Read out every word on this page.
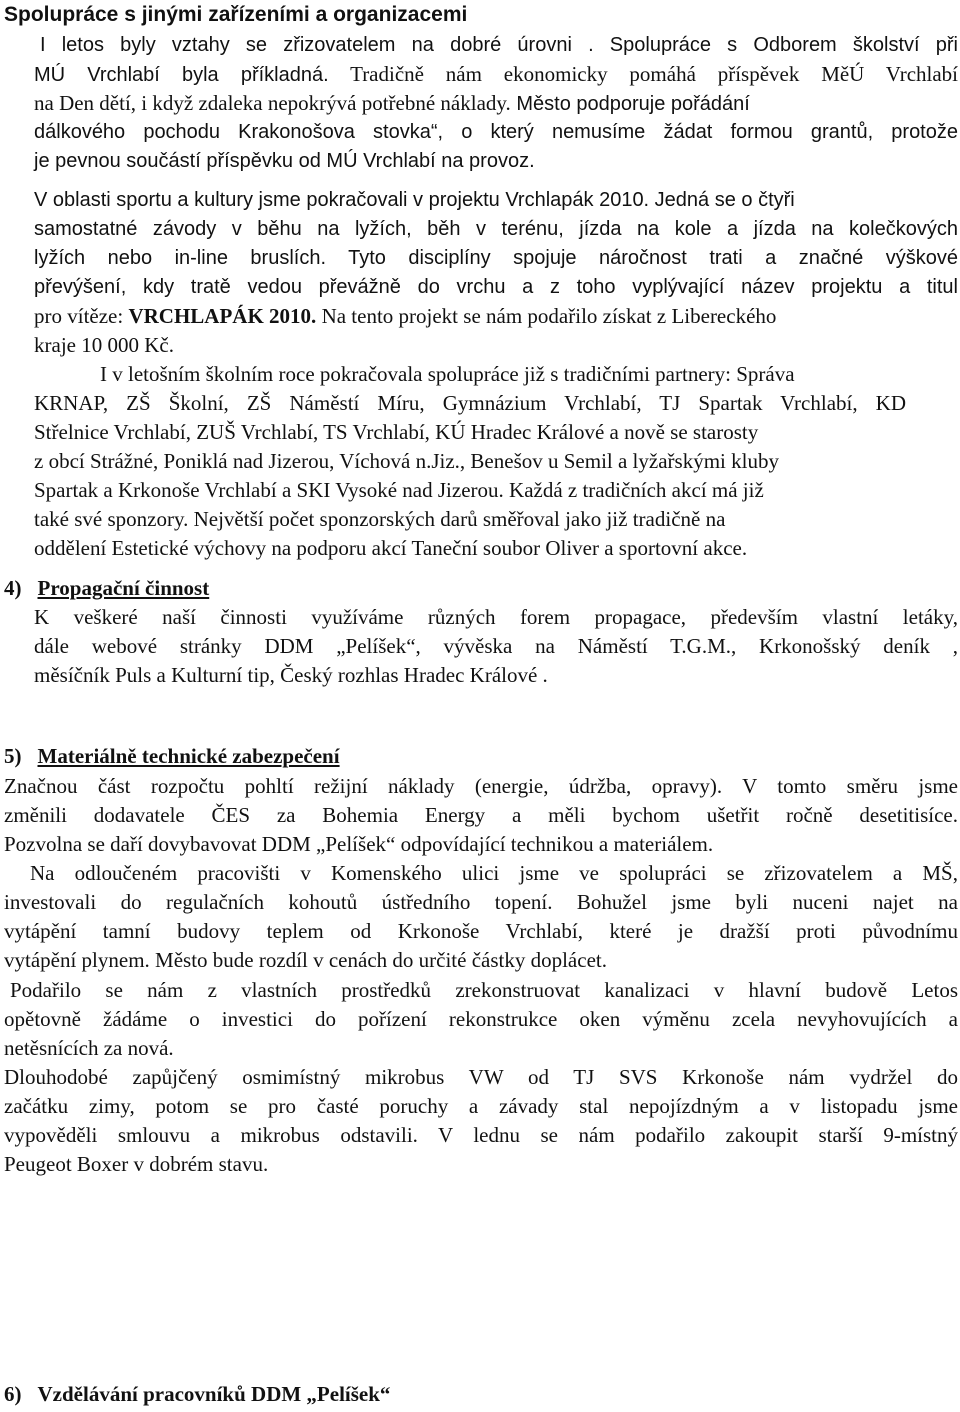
Spolupráce s jinými zařízeními a organizacemi
I letos byly vztahy se zřizovatelem na dobré úrovni . Spolupráce s Odborem školství při
MÚ Vrchlabí byla příkladná. Tradičně nám ekonomicky pomáhá příspěvek MěÚ Vrchlabí
na Den dětí, i když zdaleka nepokrývá potřebné náklady. Město podporuje pořádání
dálkového pochodu Krakonošova stovka“, o který nemusíme žádat formou grantů, protože
je pevnou součástí příspěvku od MÚ Vrchlabí na provoz.
V oblasti sportu a kultury jsme pokračovali v projektu Vrchlapák 2010. Jedná se o čtyři
samostatné závody v běhu na lyžích, běh v terénu, jízda na kole a jízda na kolečkových
lyžích nebo in-line bruslích. Tyto disciplíny spojuje náročnost trati a značné výškové
převýšení, kdy tratě vedou převážně do vrchu a z toho vyplývající název projektu a titul
pro vítěze: VRCHLAPÁK 2010. Na tento projekt se nám podařilo získat z Libereckého
kraje 10 000 Kč.
I v letošním školním roce pokračovala spolupráce již s tradičními partnery: Správa
KRNAP, ZŠ Školní, ZŠ Náměstí Míru, Gymnázium Vrchlabí, TJ Spartak Vrchlabí, KD
Střelnice Vrchlabí, ZUŠ Vrchlabí, TS Vrchlabí, KÚ Hradec Králové a nově se starosty
z obcí Strážné, Poniklá nad Jizerou, Víchová n.Jiz., Benešov u Semil a lyžařskými kluby
Spartak a Krkonoše Vrchlabí a SKI Vysoké nad Jizerou. Každá z tradičních akcí má již
také své sponzory. Největší počet sponzorských darů směřoval jako již tradičně na
oddělení Estetické výchovy na podporu akcí Taneční soubor Oliver a sportovní akce.
4) Propagační činnost
K veškeré naší činnosti využíváme různých forem propagace, především vlastní letáky,
dále webové stránky DDM „Pelíšek“, vývěska na Náměstí T.G.M., Krkonošský deník ,
měsíčník Puls a Kulturní tip, Český rozhlas Hradec Králové .
5) Materiálně technické zabezpečení
Značnou část rozpočtu pohltí režijní náklady (energie, údržba, opravy). V tomto směru jsme
změnili dodavatele ČES za Bohemia Energy a měli bychom ušetřit ročně desetitisíce.
Pozvolna se daří dovybavovat DDM „Pelíšek“ odpovídající technikou a materiálem.
Na odloučeném pracovišti v Komenského ulici jsme ve spolupráci se zřizovatelem a MŠ,
investovali do regulačních kohoutů ústředního topení. Bohužel jsme byli nuceni najet na
vytápění tamní budovy teplem od Krkonoše Vrchlabí, které je dražší proti původnímu
vytápění plynem. Město bude rozdíl v cenách do určité částky doplácet.
Podařilo se nám z vlastních prostředků zrekonstruovat kanalizaci v hlavní budově Letos
opětovně žádáme o investici do pořízení rekonstrukce oken výměnu zcela nevyhovujících a
netěsnících za nová.
Dlouhodobé zapůjčený osmimístný mikrobus VW od TJ SVS Krkonoše nám vydržel do
začátku zimy, potom se pro časté poruchy a závady stal nepojízdným a v listopadu jsme
vypověděli smlouvu a mikrobus odstavili. V lednu se nám podařilo zakoupit starší 9-místný
Peugeot Boxer v dobrém stavu.
6) Vzdělávání pracovníků DDM „Pelíšek“
